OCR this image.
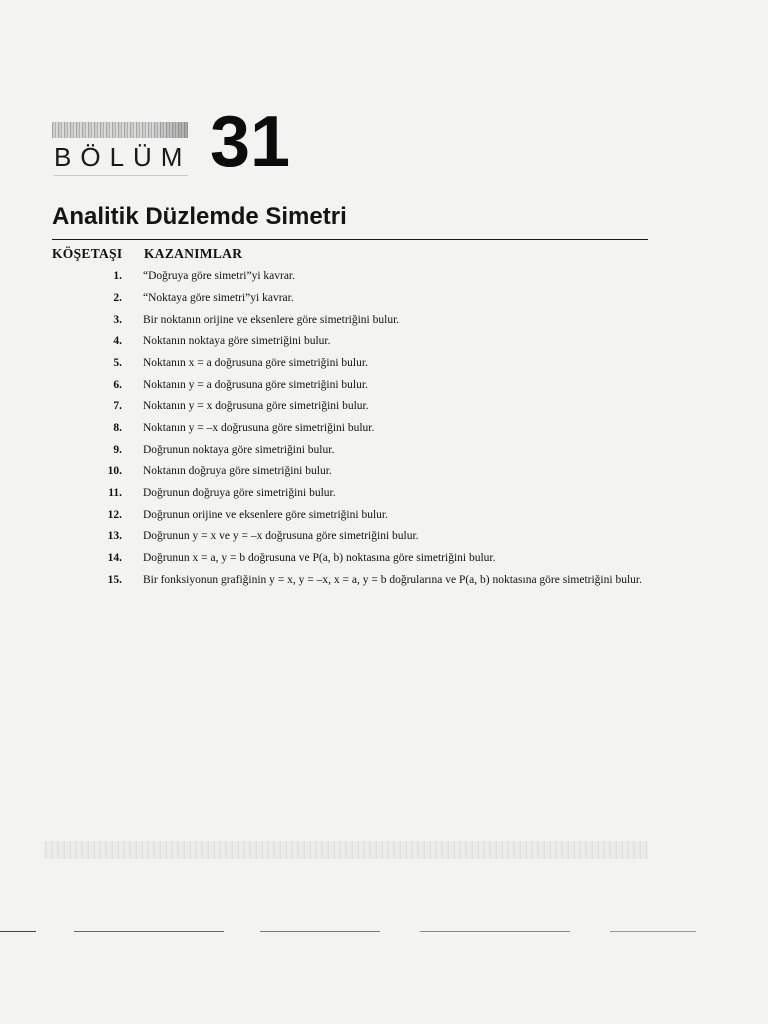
BÖLÜM 31
Analitik Düzlemde Simetri
KÖŞETAŞI KAZANIMLAR
1. “Doğruya göre simetri”yi kavrar.
2. “Noktaya göre simetri”yi kavrar.
3. Bir noktanın orijine ve eksenlere göre simetriğini bulur.
4. Noktanın noktaya göre simetriğini bulur.
5. Noktanın x = a doğrusuna göre simetriğini bulur.
6. Noktanın y = a doğrusuna göre simetriğini bulur.
7. Noktanın y = x doğrusuna göre simetriğini bulur.
8. Noktanın y = –x doğrusuna göre simetriğini bulur.
9. Doğrunun noktaya göre simetriğini bulur.
10. Noktanın doğruya göre simetriğini bulur.
11. Doğrunun doğruya göre simetriğini bulur.
12. Doğrunun orijine ve eksenlere göre simetriğini bulur.
13. Doğrunun y = x ve y = –x doğrusuna göre simetriğini bulur.
14. Doğrunun x = a, y = b doğrusuna ve P(a, b) noktasına göre simetriğini bulur.
15. Bir fonksiyonun grafiğinin y = x, y = –x, x = a, y = b doğrularına ve P(a, b) noktasına göre simetriğini bulur.
